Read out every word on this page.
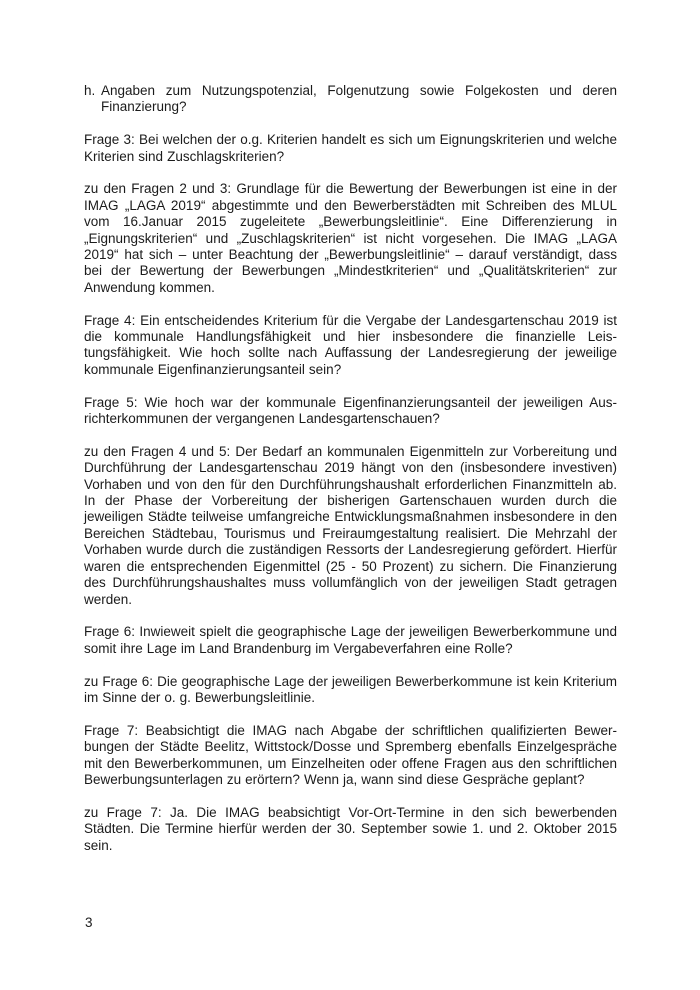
h. Angaben zum Nutzungspotenzial, Folgenutzung sowie Folgekosten und deren Finanzierung?

Frage 3: Bei welchen der o.g. Kriterien handelt es sich um Eignungskriterien und welche Kriterien sind Zuschlagskriterien?

zu den Fragen 2 und 3: Grundlage für die Bewertung der Bewerbungen ist eine in der IMAG „LAGA 2019“ abgestimmte und den Bewerberstädten mit Schreiben des MLUL vom 16.Januar 2015 zugeleitete „Bewerbungsleitlinie“. Eine Differenzierung in „Eignungskriterien“ und „Zuschlagskriterien“ ist nicht vorgesehen. Die IMAG „LAGA 2019“ hat sich – unter Beachtung der „Bewerbungsleitlinie“ – darauf verständigt, dass bei der Bewertung der Bewerbungen „Mindestkriterien“ und „Qualitätskriterien“ zur Anwendung kommen.

Frage 4: Ein entscheidendes Kriterium für die Vergabe der Landesgartenschau 2019 ist die kommunale Handlungsfähigkeit und hier insbesondere die finanzielle Leistungsfähigkeit. Wie hoch sollte nach Auffassung der Landesregierung der jeweilige kommunale Eigenfinanzierungsanteil sein?

Frage 5: Wie hoch war der kommunale Eigenfinanzierungsanteil der jeweiligen Ausrichterkommunen der vergangenen Landesgartenschauen?

zu den Fragen 4 und 5: Der Bedarf an kommunalen Eigenmitteln zur Vorbereitung und Durchführung der Landesgartenschau 2019 hängt von den (insbesondere investiven) Vorhaben und von den für den Durchführungshaushalt erforderlichen Finanzmitteln ab. In der Phase der Vorbereitung der bisherigen Gartenschauen wurden durch die jeweiligen Städte teilweise umfangreiche Entwicklungsmaßnahmen insbesondere in den Bereichen Städtebau, Tourismus und Freiraumgestaltung realisiert. Die Mehrzahl der Vorhaben wurde durch die zuständigen Ressorts der Landesregierung gefördert. Hierfür waren die entsprechenden Eigenmittel (25 - 50 Prozent) zu sichern. Die Finanzierung des Durchführungshaushaltes muss vollumfänglich von der jeweiligen Stadt getragen werden.

Frage 6: Inwieweit spielt die geographische Lage der jeweiligen Bewerberkommune und somit ihre Lage im Land Brandenburg im Vergabeverfahren eine Rolle?

zu Frage 6: Die geographische Lage der jeweiligen Bewerberkommune ist kein Kriterium im Sinne der o. g. Bewerbungsleitlinie.

Frage 7: Beabsichtigt die IMAG nach Abgabe der schriftlichen qualifizierten Bewerbungen der Städte Beelitz, Wittstock/Dosse und Spremberg ebenfalls Einzelgespräche mit den Bewerberkommunen, um Einzelheiten oder offene Fragen aus den schriftlichen Bewerbungsunterlagen zu erörtern? Wenn ja, wann sind diese Gespräche geplant?

zu Frage 7: Ja. Die IMAG beabsichtigt Vor-Ort-Termine in den sich bewerbenden Städten. Die Termine hierfür werden der 30. September sowie 1. und 2. Oktober 2015 sein.

3
